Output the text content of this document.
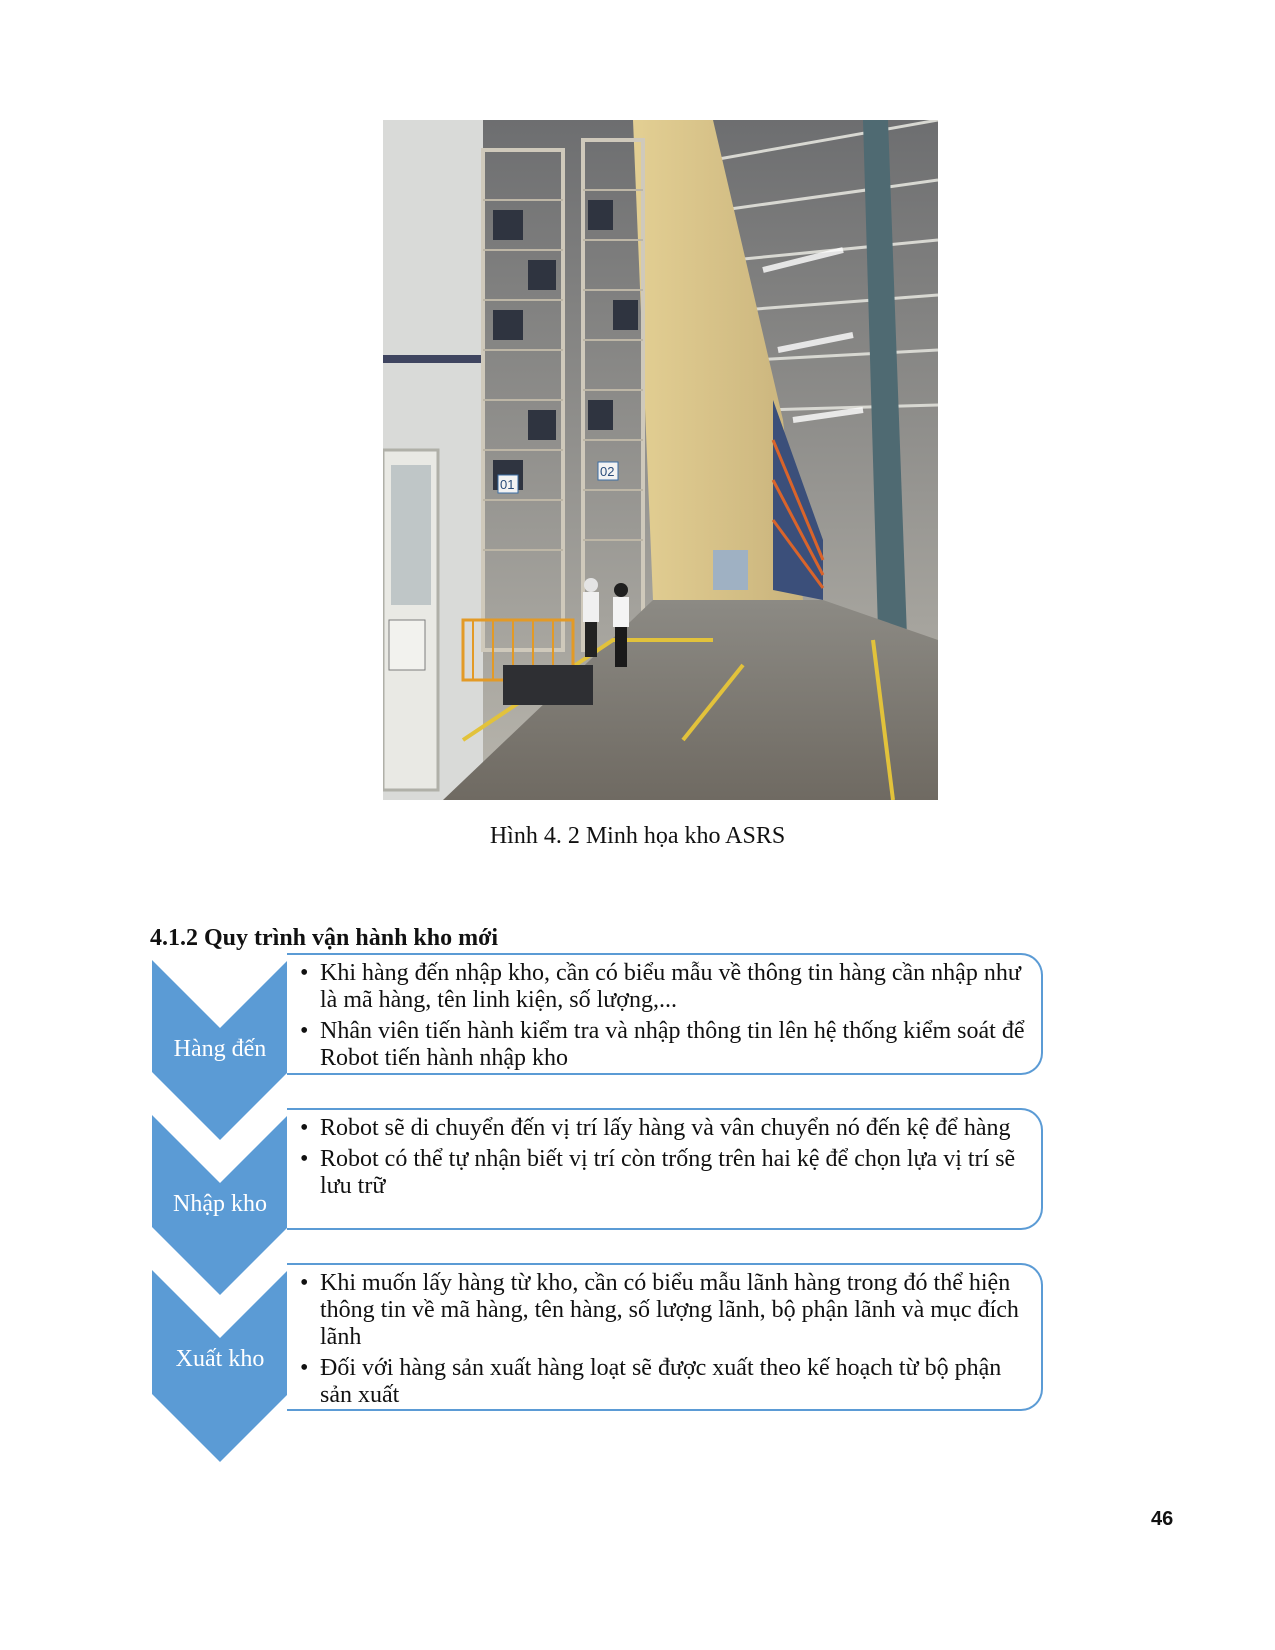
01
02
Hình 4. 2 Minh họa kho ASRS
4.1.2 Quy trình vận hành kho mới
Hàng đến
Nhập kho
Xuất kho
• Khi hàng đến nhập kho, cần có biểu mẫu về thông tin hàng cần nhập như là mã hàng, tên linh kiện, số lượng,...
• Nhân viên tiến hành kiểm tra và nhập thông tin lên hệ thống kiểm soát để Robot tiến hành nhập kho
• Robot sẽ di chuyển đến vị trí lấy hàng và vân chuyển nó đến kệ để hàng
• Robot có thể tự nhận biết vị trí còn trống trên hai kệ để chọn lựa vị trí sẽ lưu trữ
• Khi muốn lấy hàng từ kho, cần có biểu mẫu lãnh hàng trong đó thể hiện thông tin về mã hàng, tên hàng, số lượng lãnh, bộ phận lãnh và mục đích lãnh
• Đối với hàng sản xuất hàng loạt sẽ được xuất theo kế hoạch từ bộ phận sản xuất
46
